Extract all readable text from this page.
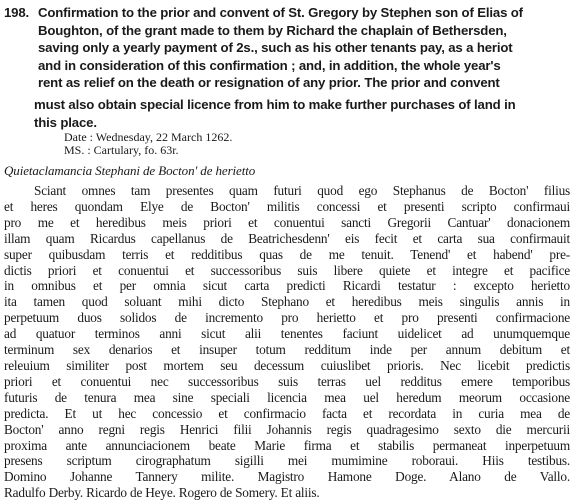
198. Confirmation to the prior and convent of St. Gregory by Stephen son of Elias of
Boughton, of the grant made to them by Richard the chaplain of Bethersden,
saving only a yearly payment of 2s., such as his other tenants pay, as a heriot
and in consideration of this confirmation ; and, in addition, the whole year's
rent as relief on the death or resignation of any prior. The prior and convent
must also obtain special licence from him to make further purchases of land in
this place.
Date : Wednesday, 22 March 1262.
MS. : Cartulary, fo. 63r.
Quietaclamancia Stephani de Bocton' de herietto
Sciant omnes tam presentes quam futuri quod ego Stephanus de Bocton' filius
et heres quondam Elye de Bocton' militis concessi et presenti scripto confirmaui
pro me et heredibus meis priori et conuentui sancti Gregorii Cantuar' donacionem
illam quam Ricardus capellanus de Beatrichesdenn' eis fecit et carta sua confirmauit
super quibusdam terris et redditibus quas de me tenuit. Tenend' et habend' pre-
dictis priori et conuentui et successoribus suis libere quiete et integre et pacifice
in omnibus et per omnia sicut carta predicti Ricardi testatur : excepto herietto
ita tamen quod soluant mihi dicto Stephano et heredibus meis singulis annis in
perpetuum duos solidos de incremento pro herietto et pro presenti confirmacione
ad quatuor terminos anni sicut alii tenentes faciunt uidelicet ad unumquemque
terminum sex denarios et insuper totum redditum inde per annum debitum et
releuium similiter post mortem seu decessum cuiuslibet prioris. Nec licebit predictis
priori et conuentui nec successoribus suis terras uel redditus emere temporibus
futuris de tenura mea sine speciali licencia mea uel heredum meorum occasione
predicta. Et ut hec concessio et confirmacio facta et recordata in curia mea de
Bocton' anno regni regis Henrici filii Johannis regis quadragesimo sexto die mercurii
proxima ante annunciacionem beate Marie firma et stabilis permaneat inperpetuum
presens scriptum cirographatum sigilli mei mumimine roboraui. Hiis testibus.
Domino Johanne Tannery milite. Magistro Hamone Doge. Alano de Vallo.
Radulfo Derby. Ricardo de Heye. Rogero de Somery. Et aliis.
